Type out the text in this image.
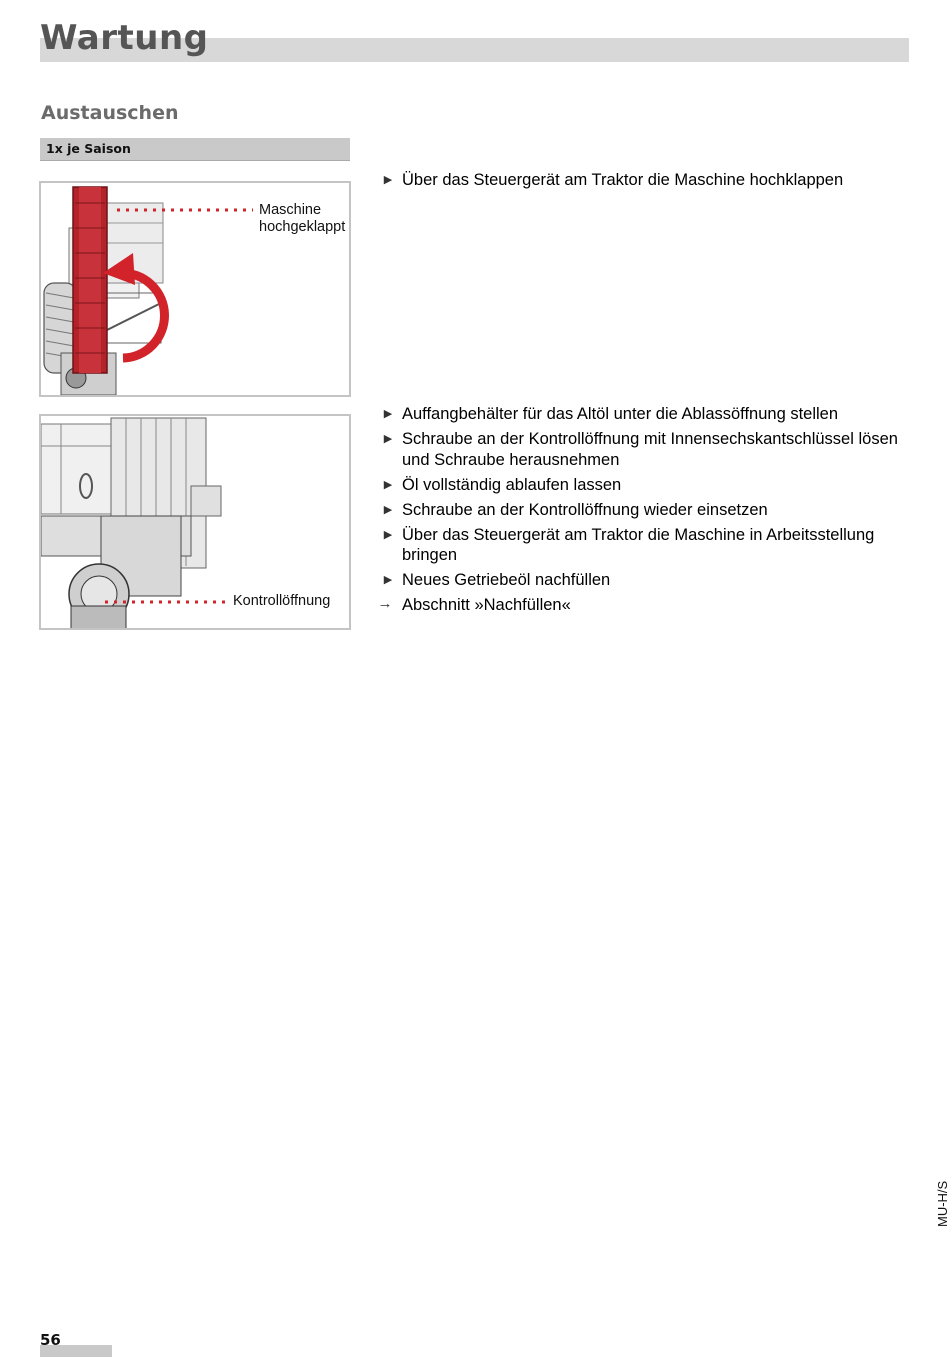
Wartung
Austauschen
1x je Saison
Maschine
hochgeklappt
Kontrollöffnung
▶ Über das Steuergerät am Traktor die Maschine hochklappen
▶ Auffangbehälter für das Altöl unter die Ablassöffnung stellen
▶ Schraube an der Kontrollöffnung mit Innensechskantschlüssel lösen und Schraube herausnehmen
▶ Öl vollständig ablaufen lassen
▶ Schraube an der Kontrollöffnung wieder einsetzen
▶ Über das Steuergerät am Traktor die Maschine in Arbeitsstellung bringen
▶ Neues Getriebeöl nachfüllen
→ Abschnitt »Nachfüllen«
MU-H/S
56
